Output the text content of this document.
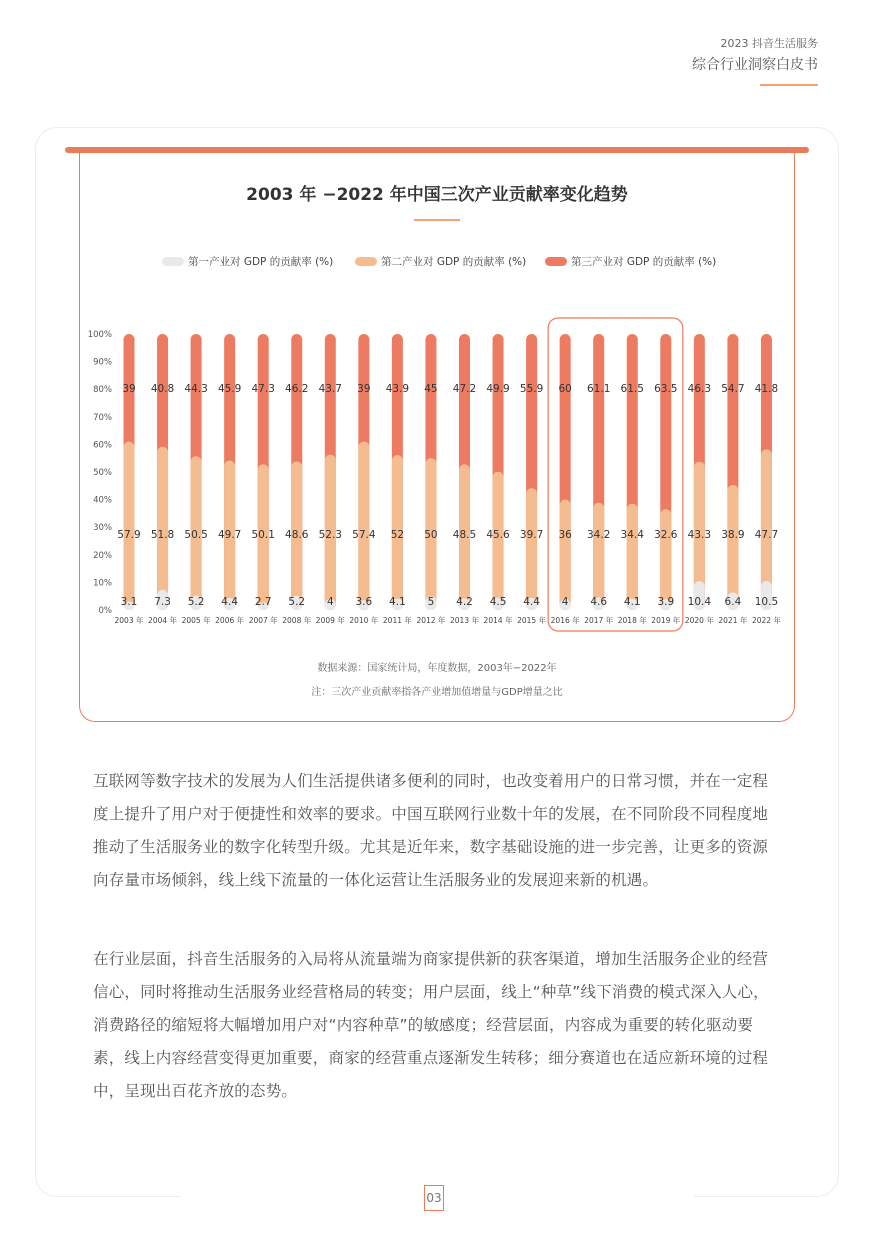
2023 抖音生活服务
综合行业洞察白皮书
03
2003 年 −2022 年中国三次产业贡献率变化趋势
第一产业对 GDP 的贡献率 (%)	第二产业对 GDP 的贡献率 (%)	第三产业对 GDP 的贡献率 (%)
0%
10%
20%
30%
40%
50%
60%
70%
80%
90%
100%
39
57.9
3.1
2003 年
40.8
51.8
7.3
2004 年
44.3
50.5
5.2
2005 年
45.9
49.7
4.4
2006 年
47.3
50.1
2.7
2007 年
46.2
48.6
5.2
2008 年
43.7
52.3
4
2009 年
39
57.4
3.6
2010 年
43.9
52
4.1
2011 年
45
50
5
2012 年
47.2
48.5
4.2
2013 年
49.9
45.6
4.5
2014 年
55.9
39.7
4.4
2015 年
60
36
4
2016 年
61.1
34.2
4.6
2017 年
61.5
34.4
4.1
2018 年
63.5
32.6
3.9
2019 年
46.3
43.3
10.4
2020 年
54.7
38.9
6.4
2021 年
41.8
47.7
10.5
2022 年
数据来源：国家统计局，年度数据，2003年−2022年
注：三次产业贡献率指各产业增加值增量与GDP增量之比
互联网等数字技术的发展为人们生活提供诸多便利的同时，也改变着用户的日常习惯，并在一定程度上提升了用户对于便捷性和效率的要求。中国互联网行业数十年的发展，在不同阶段不同程度地推动了生活服务业的数字化转型升级。尤其是近年来，数字基础设施的进一步完善，让更多的资源向存量市场倾斜，线上线下流量的一体化运营让生活服务业的发展迎来新的机遇。
在行业层面，抖音生活服务的入局将从流量端为商家提供新的获客渠道，增加生活服务企业的经营信心，同时将推动生活服务业经营格局的转变；用户层面，线上“种草”线下消费的模式深入人心，消费路径的缩短将大幅增加用户对“内容种草”的敏感度；经营层面，内容成为重要的转化驱动要素，线上内容经营变得更加重要，商家的经营重点逐渐发生转移；细分赛道也在适应新环境的过程中，呈现出百花齐放的态势。
